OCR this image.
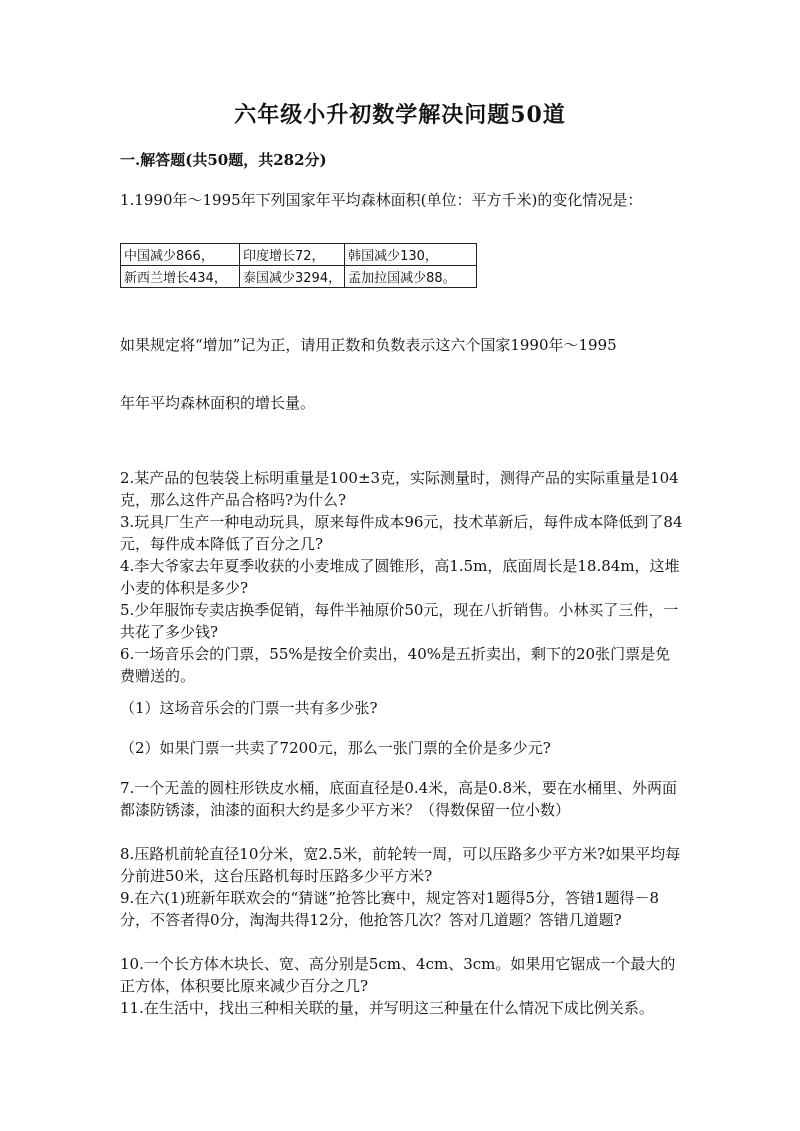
六年级小升初数学解决问题50道
一.解答题(共50题，共282分)
1.1990年～1995年下列国家年平均森林面积(单位：平方千米)的变化情况是：
中国减少866，	印度增长72，	韩国减少130，
新西兰增长434，	泰国减少3294，	孟加拉国减少88。
如果规定将“增加”记为正，请用正数和负数表示这六个国家1990年～1995
年年平均森林面积的增长量。
2.某产品的包装袋上标明重量是100±3克，实际测量时，测得产品的实际重量是104克，那么这件产品合格吗?为什么?
3.玩具厂生产一种电动玩具，原来每件成本96元，技术革新后，每件成本降低到了84元，每件成本降低了百分之几?
4.李大爷家去年夏季收获的小麦堆成了圆锥形，高1.5m，底面周长是18.84m，这堆小麦的体积是多少?
5.少年服饰专卖店换季促销，每件半袖原价50元，现在八折销售。小林买了三件，一共花了多少钱?
6.一场音乐会的门票，55%是按全价卖出，40%是五折卖出，剩下的20张门票是免费赠送的。
（1）这场音乐会的门票一共有多少张?
（2）如果门票一共卖了7200元，那么一张门票的全价是多少元?
7.一个无盖的圆柱形铁皮水桶，底面直径是0.4米，高是0.8米，要在水桶里、外两面都漆防锈漆，油漆的面积大约是多少平方米？（得数保留一位小数）
8.压路机前轮直径10分米，宽2.5米，前轮转一周，可以压路多少平方米?如果平均每分前进50米，这台压路机每时压路多少平方米?
9.在六(1)班新年联欢会的“猜谜”抢答比赛中，规定答对1题得5分，答错1题得－8分，不答者得0分，淘淘共得12分，他抢答几次？答对几道题？答错几道题?
10.一个长方体木块长、宽、高分别是5cm、4cm、3cm。如果用它锯成一个最大的正方体，体积要比原来减少百分之几?
11.在生活中，找出三种相关联的量，并写明这三种量在什么情况下成比例关系。
